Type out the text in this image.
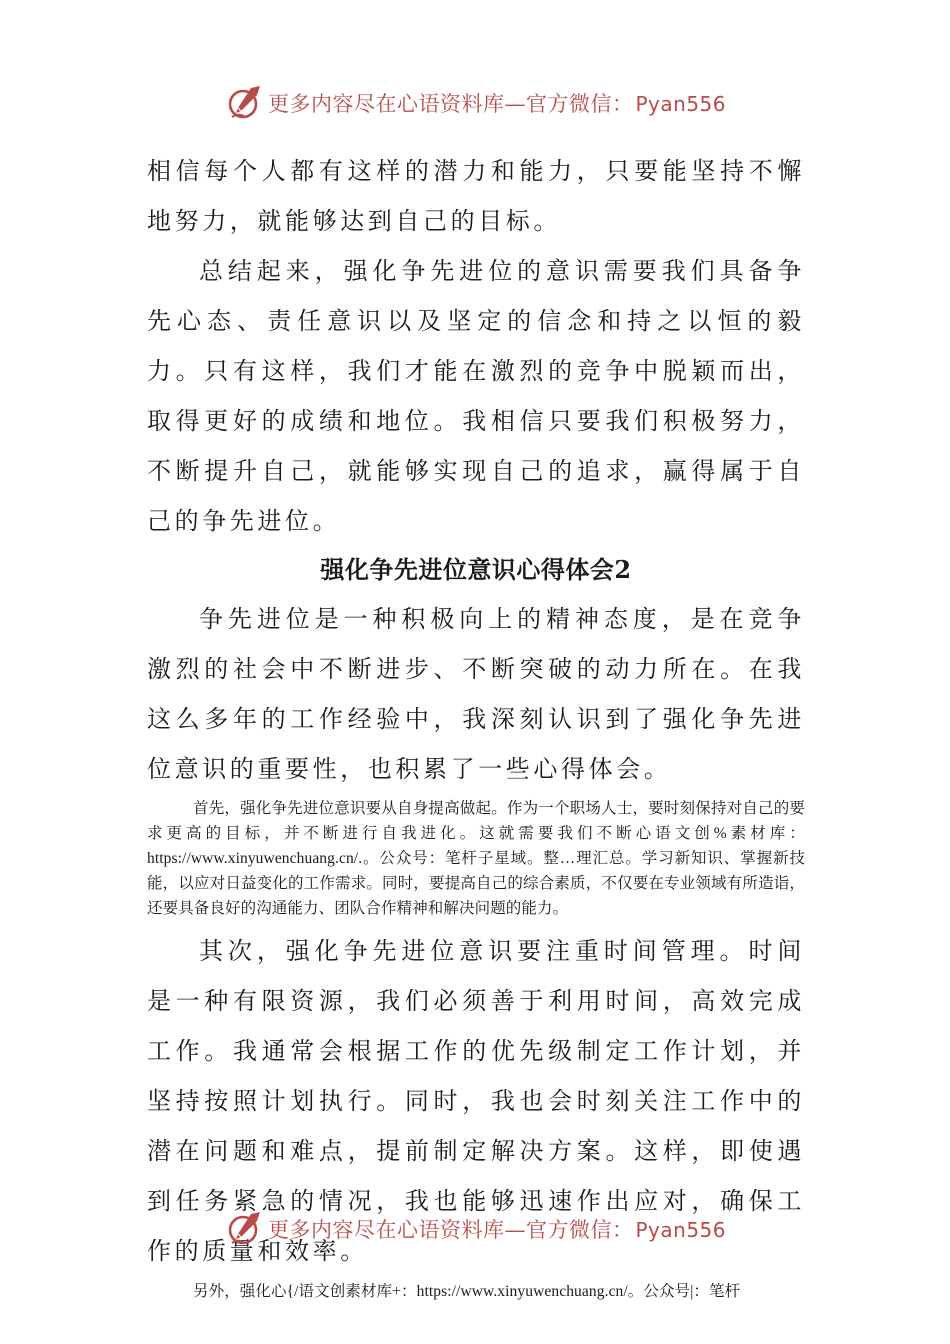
更多内容尽在心语资料库—官方微信： Pyan556

相信每个人都有这样的潜力和能力，只要能坚持不懈地努力，就能够达到自己的目标。

总结起来，强化争先进位的意识需要我们具备争先心态、责任意识以及坚定的信念和持之以恒的毅力。只有这样，我们才能在激烈的竞争中脱颖而出，取得更好的成绩和地位。我相信只要我们积极努力，不断提升自己，就能够实现自己的追求，赢得属于自己的争先进位。

强化争先进位意识心得体会2

争先进位是一种积极向上的精神态度，是在竞争激烈的社会中不断进步、不断突破的动力所在。在我这么多年的工作经验中，我深刻认识到了强化争先进位意识的重要性，也积累了一些心得体会。

首先，强化争先进位意识要从自身提高做起。作为一个职场人士，要时刻保持对自己的要求更高的目标，并不断进行自我进化。这就需要我们不断心语文创%素材库：https://www.xinyuwenchuang.cn/.。公众号：笔杆子星域。整…理汇总。学习新知识、掌握新技能，以应对日益变化的工作需求。同时，要提高自己的综合素质，不仅要在专业领域有所造诣，还要具备良好的沟通能力、团队合作精神和解决问题的能力。

其次，强化争先进位意识要注重时间管理。时间是一种有限资源，我们必须善于利用时间，高效完成工作。我通常会根据工作的优先级制定工作计划，并坚持按照计划执行。同时，我也会时刻关注工作中的潜在问题和难点，提前制定解决方案。这样，即使遇到任务紧急的情况，我也能够迅速作出应对，确保工作的质量和效率。

另外，强化心{/语文创素材库+：https://www.xinyuwenchuang.cn/。公众号|：笔杆

更多内容尽在心语资料库—官方微信： Pyan556
